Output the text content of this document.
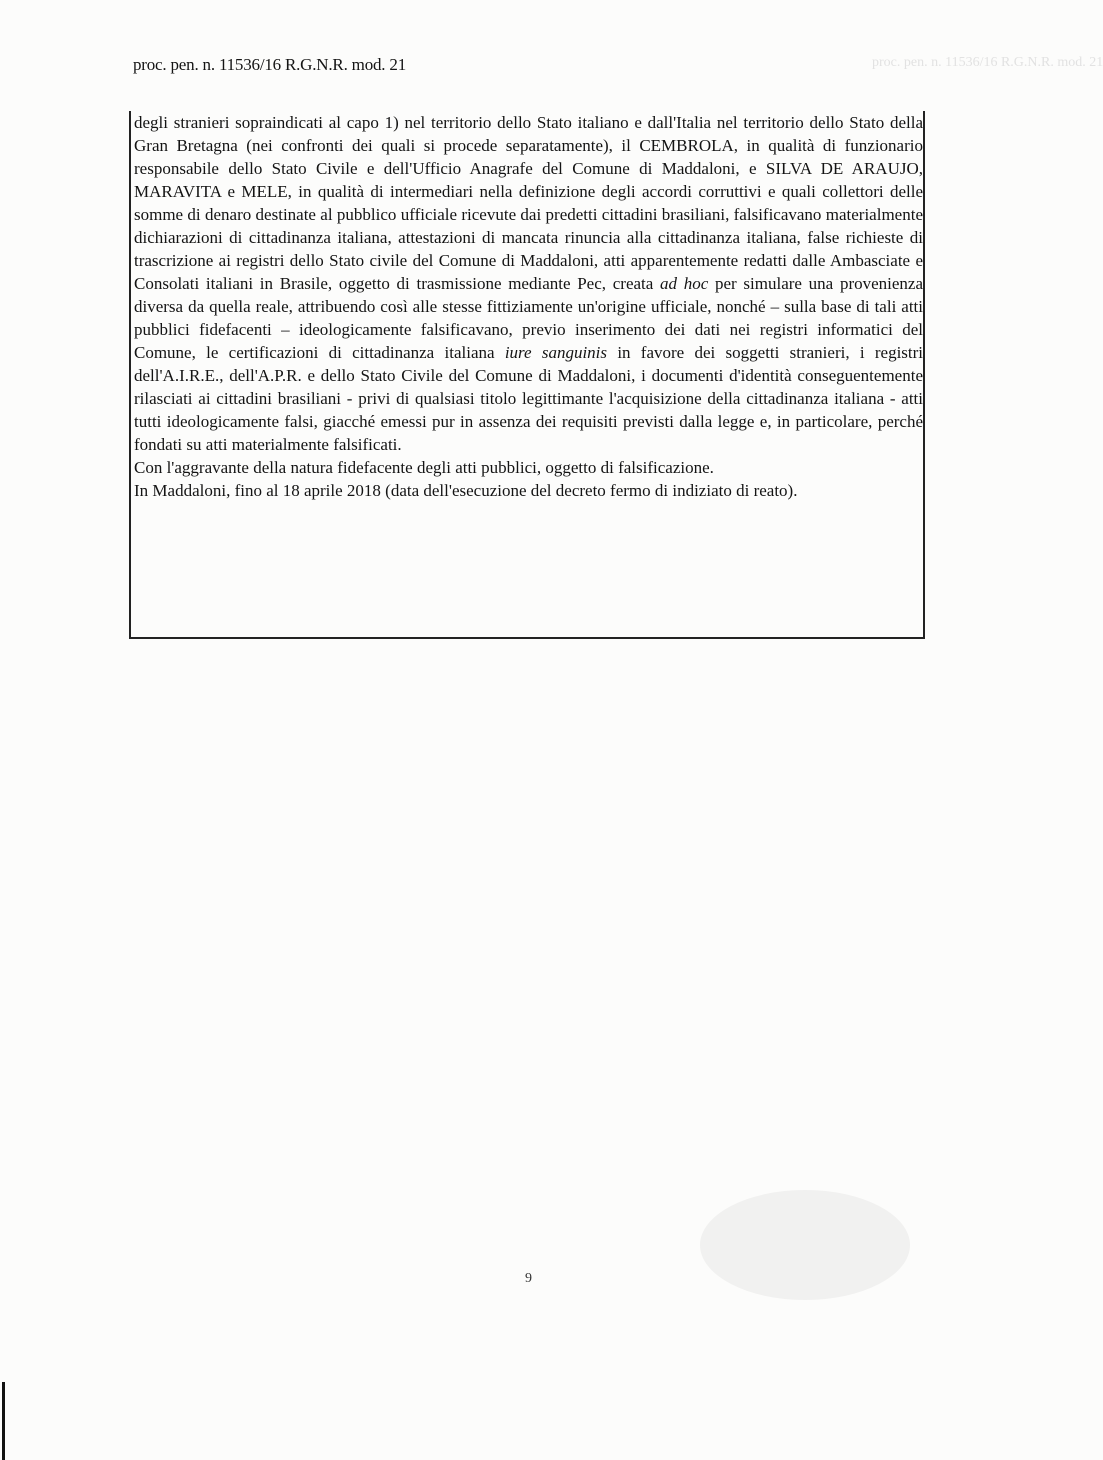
proc. pen. n. 11536/16 R.G.N.R. mod. 21
proc. pen. n. 11536/16 R.G.N.R. mod. 21

degli stranieri sopraindicati al capo 1) nel territorio dello Stato italiano e dall'Italia nel territorio dello Stato della Gran Bretagna (nei confronti dei quali si procede separatamente), il CEMBROLA, in qualità di funzionario responsabile dello Stato Civile e dell'Ufficio Anagrafe del Comune di Maddaloni, e SILVA DE ARAUJO, MARAVITA e MELE, in qualità di intermediari nella definizione degli accordi corruttivi e quali collettori delle somme di denaro destinate al pubblico ufficiale ricevute dai predetti cittadini brasiliani, falsificavano materialmente dichiarazioni di cittadinanza italiana, attestazioni di mancata rinuncia alla cittadinanza italiana, false richieste di trascrizione ai registri dello Stato civile del Comune di Maddaloni, atti apparentemente redatti dalle Ambasciate e Consolati italiani in Brasile, oggetto di trasmissione mediante Pec, creata ad hoc per simulare una provenienza diversa da quella reale, attribuendo così alle stesse fittiziamente un'origine ufficiale, nonché – sulla base di tali atti pubblici fidefacenti – ideologicamente falsificavano, previo inserimento dei dati nei registri informatici del Comune, le certificazioni di cittadinanza italiana iure sanguinis in favore dei soggetti stranieri, i registri dell'A.I.R.E., dell'A.P.R. e dello Stato Civile del Comune di Maddaloni, i documenti d'identità conseguentemente rilasciati ai cittadini brasiliani - privi di qualsiasi titolo legittimante l'acquisizione della cittadinanza italiana - atti tutti ideologicamente falsi, giacché emessi pur in assenza dei requisiti previsti dalla legge e, in particolare, perché fondati su atti materialmente falsificati.

Con l'aggravante della natura fidefacente degli atti pubblici, oggetto di falsificazione.

In Maddaloni, fino al 18 aprile 2018 (data dell'esecuzione del decreto fermo di indiziato di reato).

9
